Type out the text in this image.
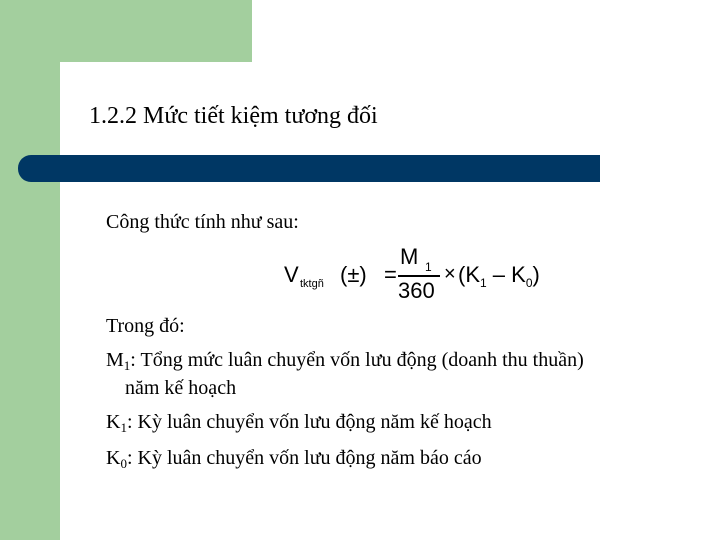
1.2.2 Mức tiết kiệm tương đối
Công thức tính như sau:
V tktgñ (±) =
M 1
360
× $(K_1 - K_0)$
Trong đó:
$M_1$: Tổng mức luân chuyển vốn lưu động (doanh thu thuần)
năm kế hoạch
$K_1$: Kỳ luân chuyển vốn lưu động năm kế hoạch
$K_0$: Kỳ luân chuyển vốn lưu động năm báo cáo
